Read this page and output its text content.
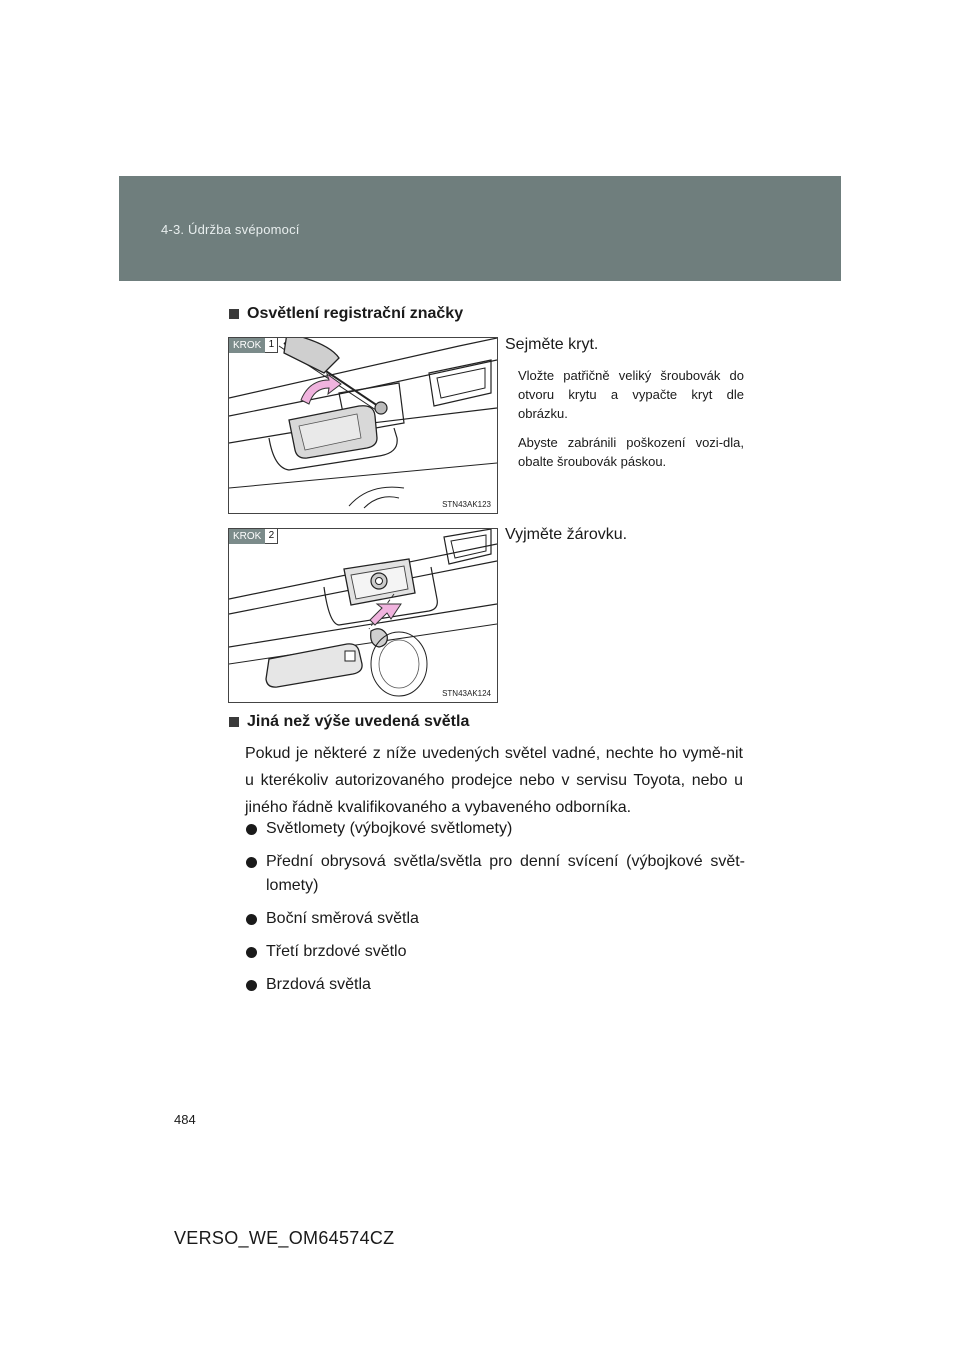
4-3. Údržba svépomocí
Osvětlení registrační značky
KROK 1
STN43AK123
Sejměte kryt.
Vložte patřičně veliký šroubovák do otvoru krytu a vypačte kryt dle obrázku.
Abyste zabránili poškození vozi-dla, obalte šroubovák páskou.
KROK 2
STN43AK124
Vyjměte žárovku.
Jiná než výše uvedená světla
Pokud je některé z níže uvedených světel vadné, nechte ho vymě-nit u kterékoliv autorizovaného prodejce nebo v servisu Toyota, nebo u jiného řádně kvalifikovaného a vybaveného odborníka.
Světlomety (výbojkové světlomety)
Přední obrysová světla/světla pro denní svícení (výbojkové svět-lomety)
Boční směrová světla
Třetí brzdové světlo
Brzdová světla
484
VERSO_WE_OM64574CZ
